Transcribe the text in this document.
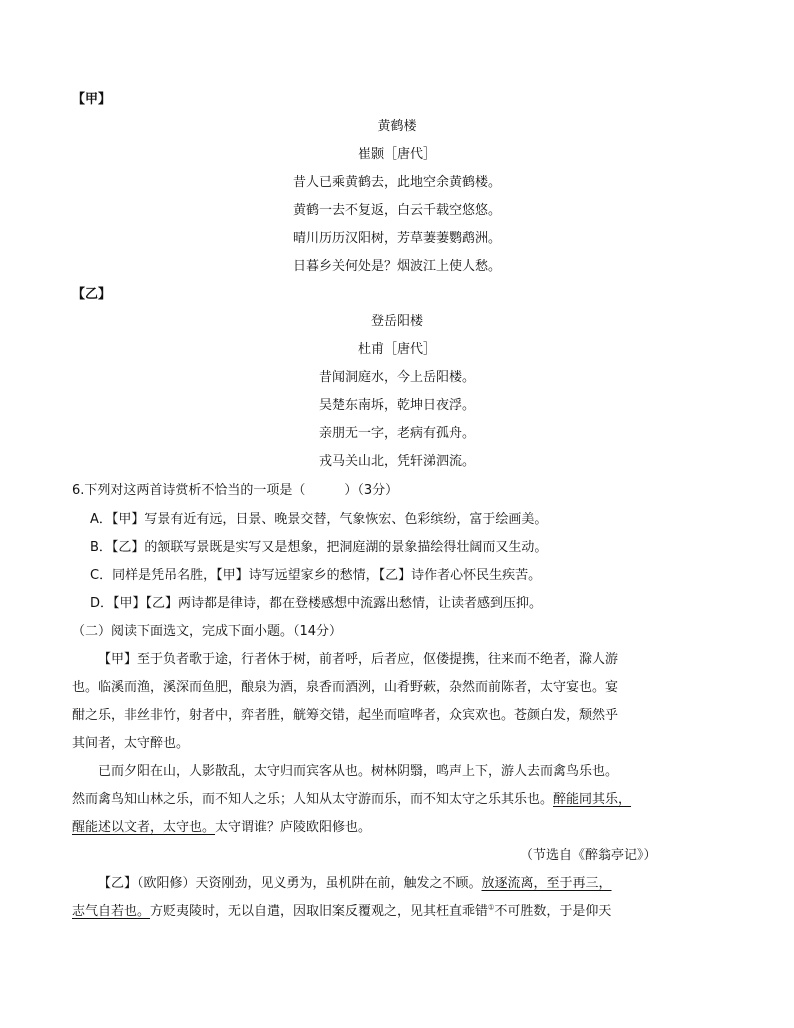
【甲】
黄鹤楼
崔颢［唐代］
昔人已乘黄鹤去，此地空余黄鹤楼。
黄鹤一去不复返，白云千载空悠悠。
晴川历历汉阳树，芳草萋萋鹦鹉洲。
日暮乡关何处是？烟波江上使人愁。
【乙】
登岳阳楼
杜甫［唐代］
昔闻洞庭水，今上岳阳楼。
吴楚东南坼，乾坤日夜浮。
亲朋无一字，老病有孤舟。
戎马关山北，凭轩涕泗流。
6.下列对这两首诗赏析不恰当的一项是（　　　）（3分）
A．【甲】写景有近有远，日景、晚景交替，气象恢宏、色彩缤纷，富于绘画美。
B．【乙】的颔联写景既是实写又是想象，把洞庭湖的景象描绘得壮阔而又生动。
C．同样是凭吊名胜，【甲】诗写远望家乡的愁情，【乙】诗作者心怀民生疾苦。
D．【甲】【乙】两诗都是律诗，都在登楼感想中流露出愁情，让读者感到压抑。
（二）阅读下面选文，完成下面小题。（14分）
【甲】至于负者歌于途，行者休于树，前者呼，后者应，伛偻提携，往来而不绝者，滁人游
也。临溪而渔，溪深而鱼肥，酿泉为酒，泉香而酒洌，山肴野蔌，杂然而前陈者，太守宴也。宴
酣之乐，非丝非竹，射者中，弈者胜，觥筹交错，起坐而喧哗者，众宾欢也。苍颜白发，颓然乎
其间者，太守醉也。
已而夕阳在山，人影散乱，太守归而宾客从也。树林阴翳，鸣声上下，游人去而禽鸟乐也。
然而禽鸟知山林之乐，而不知人之乐；人知从太守游而乐，而不知太守之乐其乐也。醉能同其乐，
醒能述以文者，太守也。太守谓谁？庐陵欧阳修也。
（节选自《醉翁亭记》）
【乙】（欧阳修）天资刚劲，见义勇为，虽机阱在前，触发之不顾。放逐流离，至于再三，
志气自若也。方贬夷陵时，无以自遣，因取旧案反覆观之，见其枉直乖错①不可胜数，于是仰天
